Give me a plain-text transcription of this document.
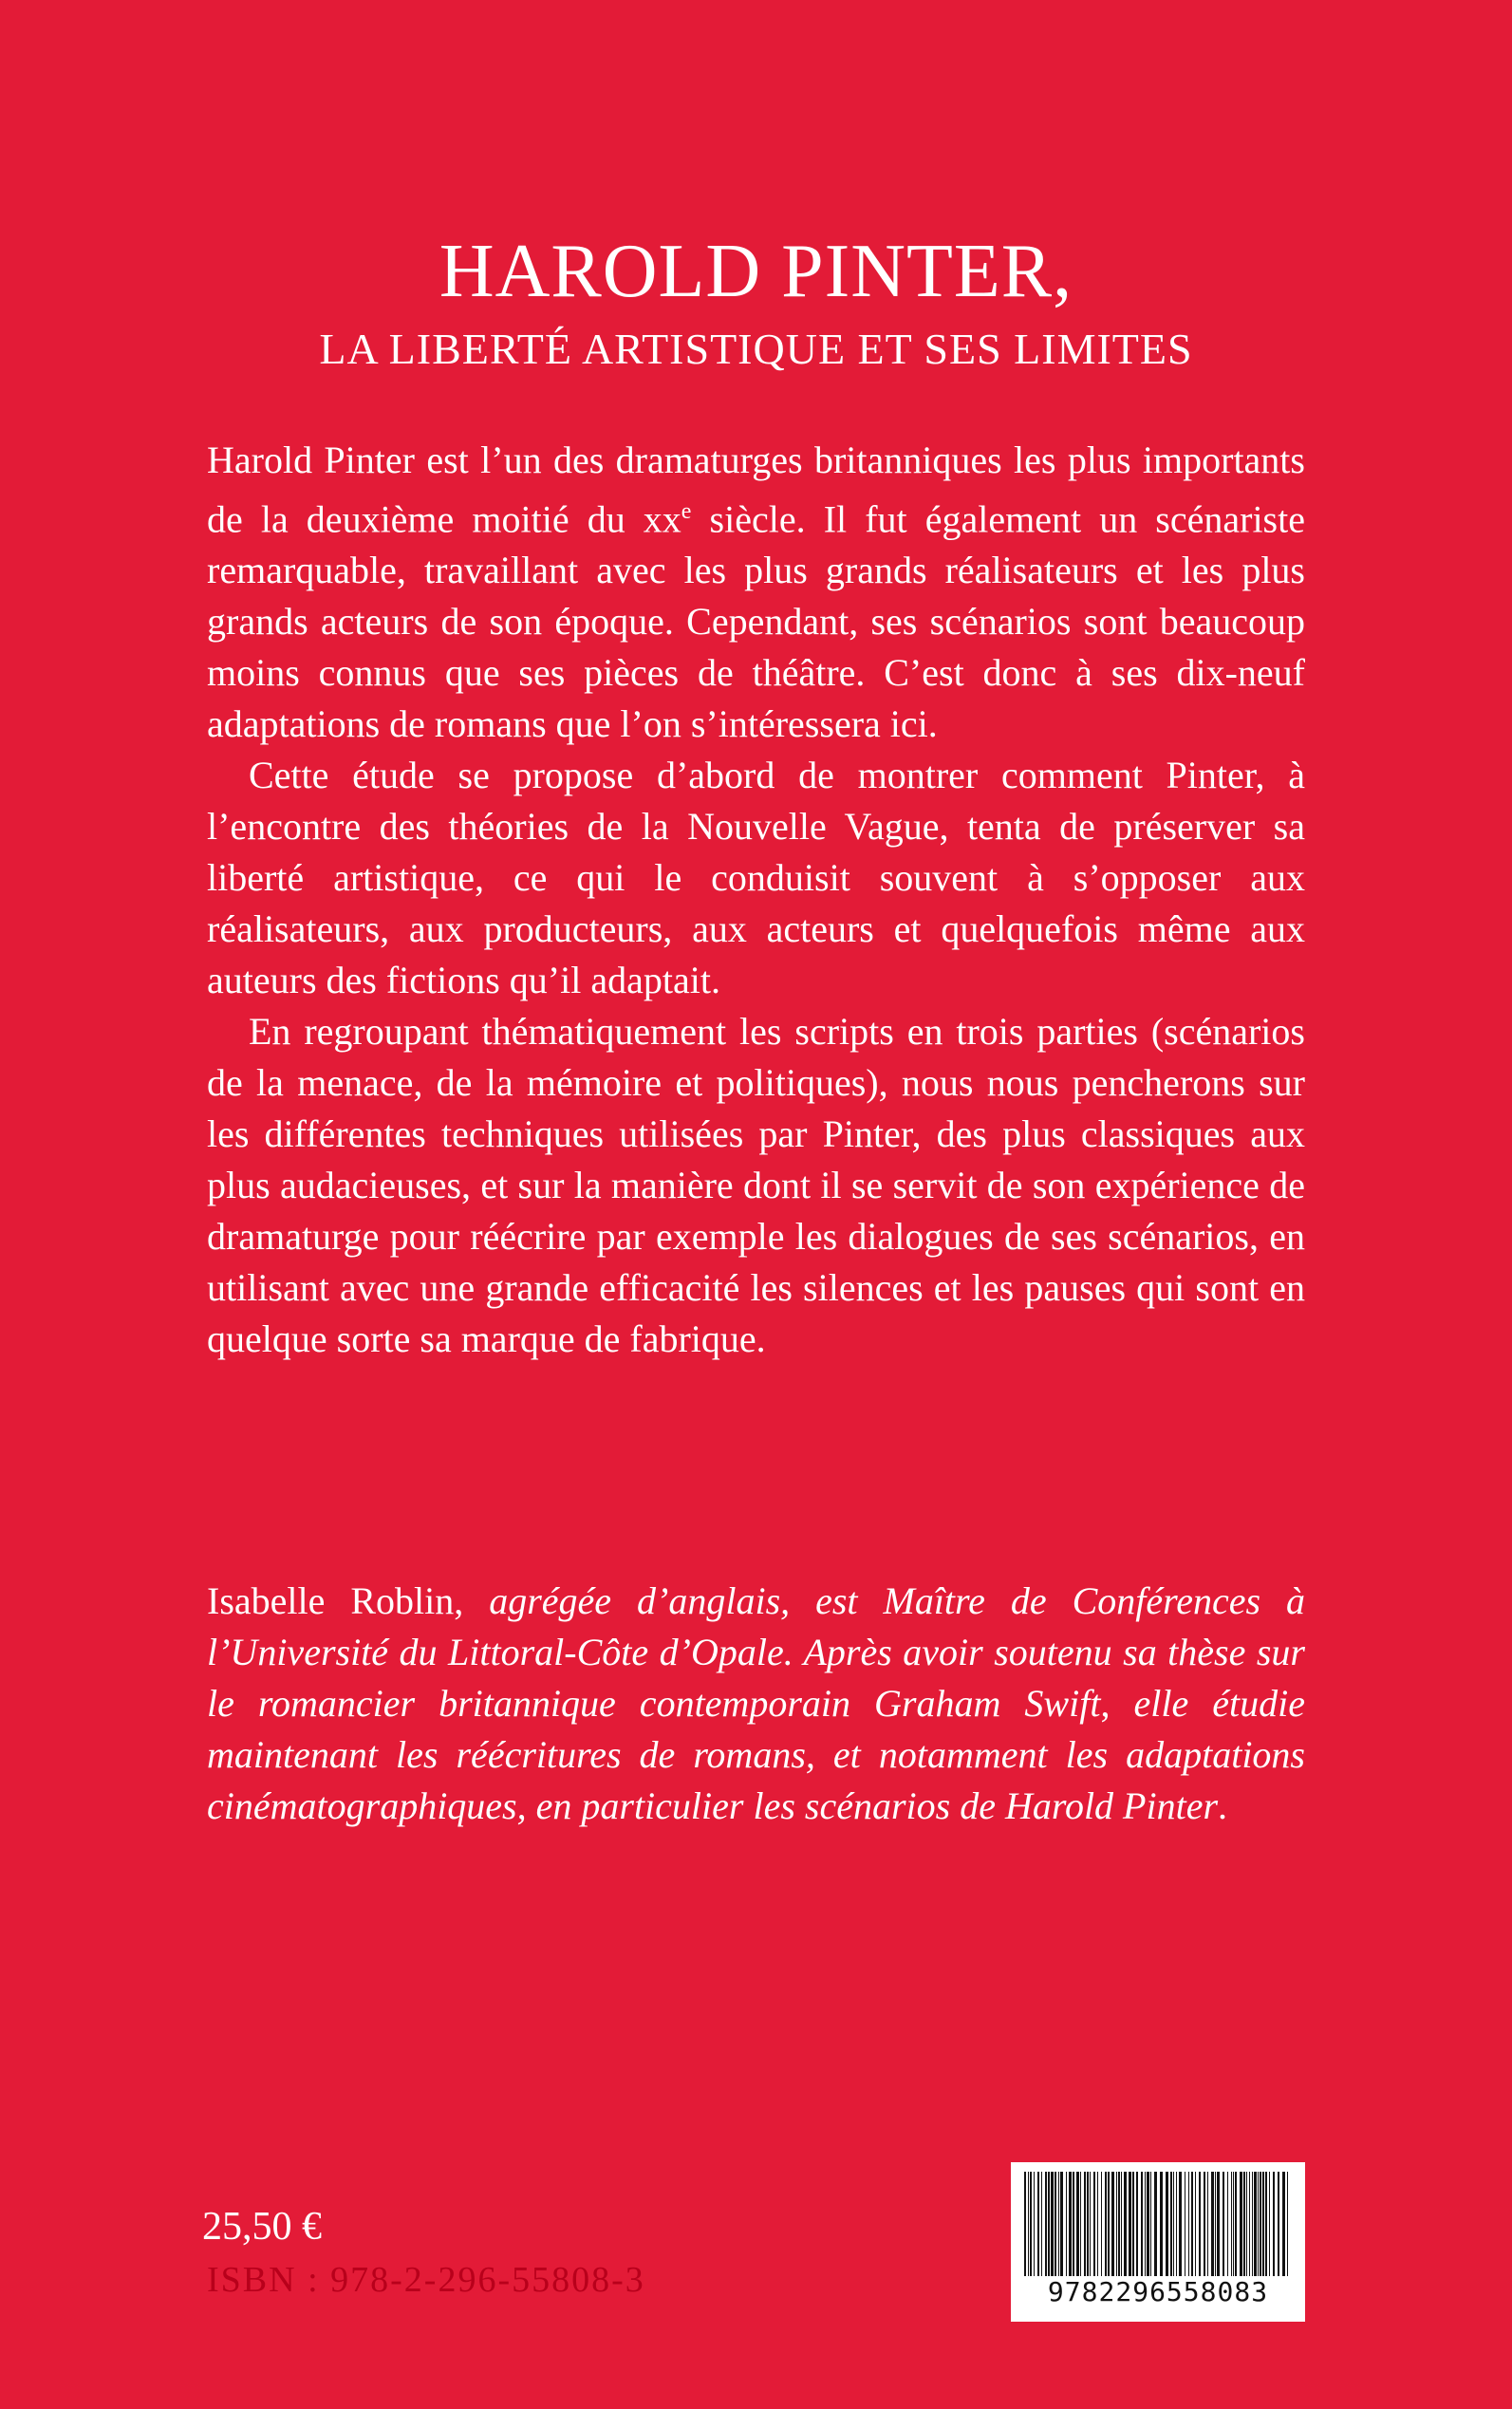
HAROLD PINTER,
LA LIBERTÉ ARTISTIQUE ET SES LIMITES

Harold Pinter est l’un des dramaturges britanniques les plus importants de la deuxième moitié du $xx^e$ siècle. Il fut également un scénariste remarquable, travaillant avec les plus grands réalisateurs et les plus grands acteurs de son époque. Cependant, ses scénarios sont beaucoup moins connus que ses pièces de théâtre. C’est donc à ses dix-neuf adaptations de romans que l’on s’intéressera ici.

Cette étude se propose d’abord de montrer comment Pinter, à l’encontre des théories de la Nouvelle Vague, tenta de préserver sa liberté artistique, ce qui le conduisit souvent à s’opposer aux réalisateurs, aux producteurs, aux acteurs et quelquefois même aux auteurs des fictions qu’il adaptait.

En regroupant thématiquement les scripts en trois parties (scénarios de la menace, de la mémoire et politiques), nous nous pencherons sur les différentes techniques utilisées par Pinter, des plus classiques aux plus audacieuses, et sur la manière dont il se servit de son expérience de dramaturge pour réécrire par exemple les dialogues de ses scénarios, en utilisant avec une grande efficacité les silences et les pauses qui sont en quelque sorte sa marque de fabrique.

Isabelle Roblin, agrégée d’anglais, est Maître de Conférences à l’Université du Littoral-Côte d’Opale. Après avoir soutenu sa thèse sur le romancier britannique contemporain Graham Swift, elle étudie maintenant les réécritures de romans, et notamment les adaptations cinématographiques, en particulier les scénarios de Harold Pinter.

25,50 €
ISBN : 978-2-296-55808-3	9782296558083
